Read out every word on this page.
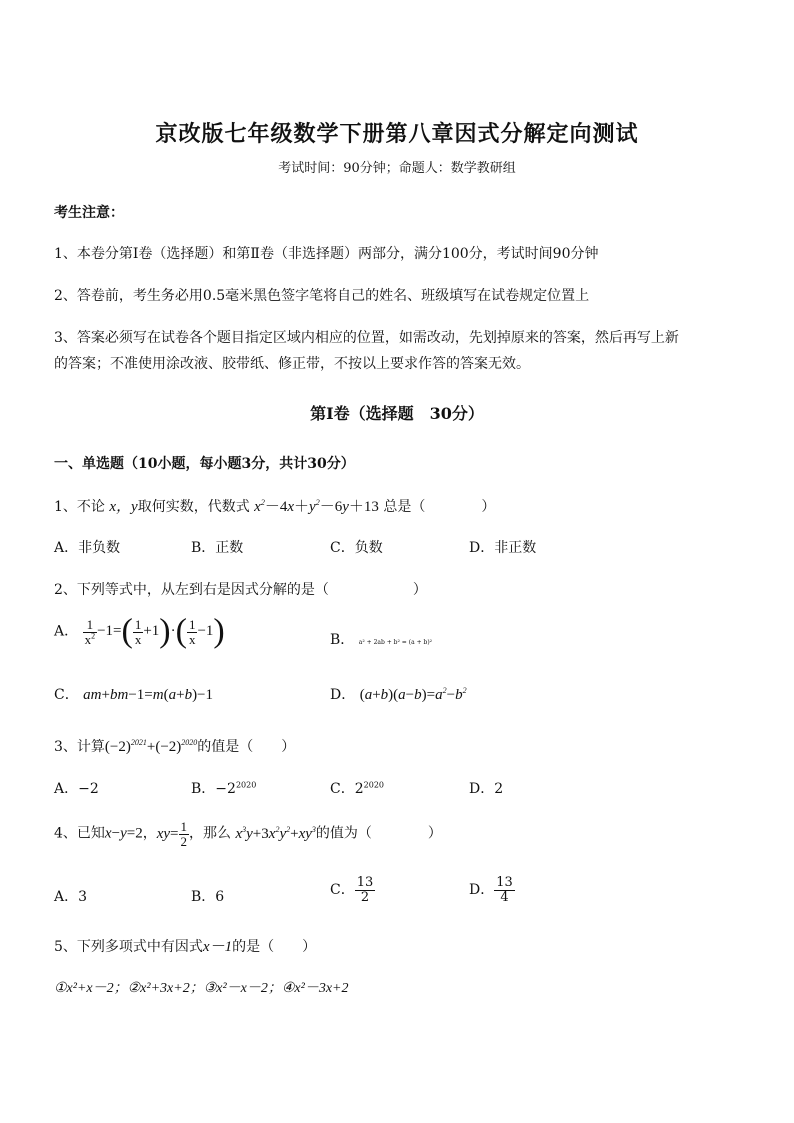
京改版七年级数学下册第八章因式分解定向测试
考试时间：90分钟；命题人：数学教研组
考生注意：
1、本卷分第Ⅰ卷（选择题）和第Ⅱ卷（非选择题）两部分，满分100分，考试时间90分钟
2、答卷前，考生务必用0.5毫米黑色签字笔将自己的姓名、班级填写在试卷规定位置上
3、答案必须写在试卷各个题目指定区域内相应的位置，如需改动，先划掉原来的答案，然后再写上新
的答案；不准使用涂改液、胶带纸、修正带，不按以上要求作答的答案无效。
第Ⅰ卷（选择题　30分）
一、单选题（10小题，每小题3分，共计30分）
1、不论 x，y取何实数，代数式 $x^2-4x+y^2-6y+13$ 总是（　　　　）
A．非负数	B．正数	C．负数	D．非正数
2、下列等式中，从左到右是因式分解的是（　　　　　　）
A． $\frac{1}{x^2} -1=( \frac{1}{x} +1)\cdot( \frac{1}{x} -1)$	B． a² + 2ab + b² = (a + b)²
C． am+bm−1=m(a+b)−1	D． $(a+b)(a-b)=a^2-b^2$
3、计算$(-2)^{2021}+(-2)^{2020}$的值是（　　）
A．−2	B．$-2^{2020}$	C．$2^{2020}$	D．2
4、已知x−y=2，$xy= \frac{1}{2}$ ，那么 $x^3y+3x^2y^2+xy^3$的值为（　　　　）
A．3	B．6	C． $\frac{13}{2}$	D． $\frac{13}{4}$
5、下列多项式中有因式x－1的是（　　）
①x²+x－2；②x²+3x+2；③x²－x－2；④x²－3x+2
